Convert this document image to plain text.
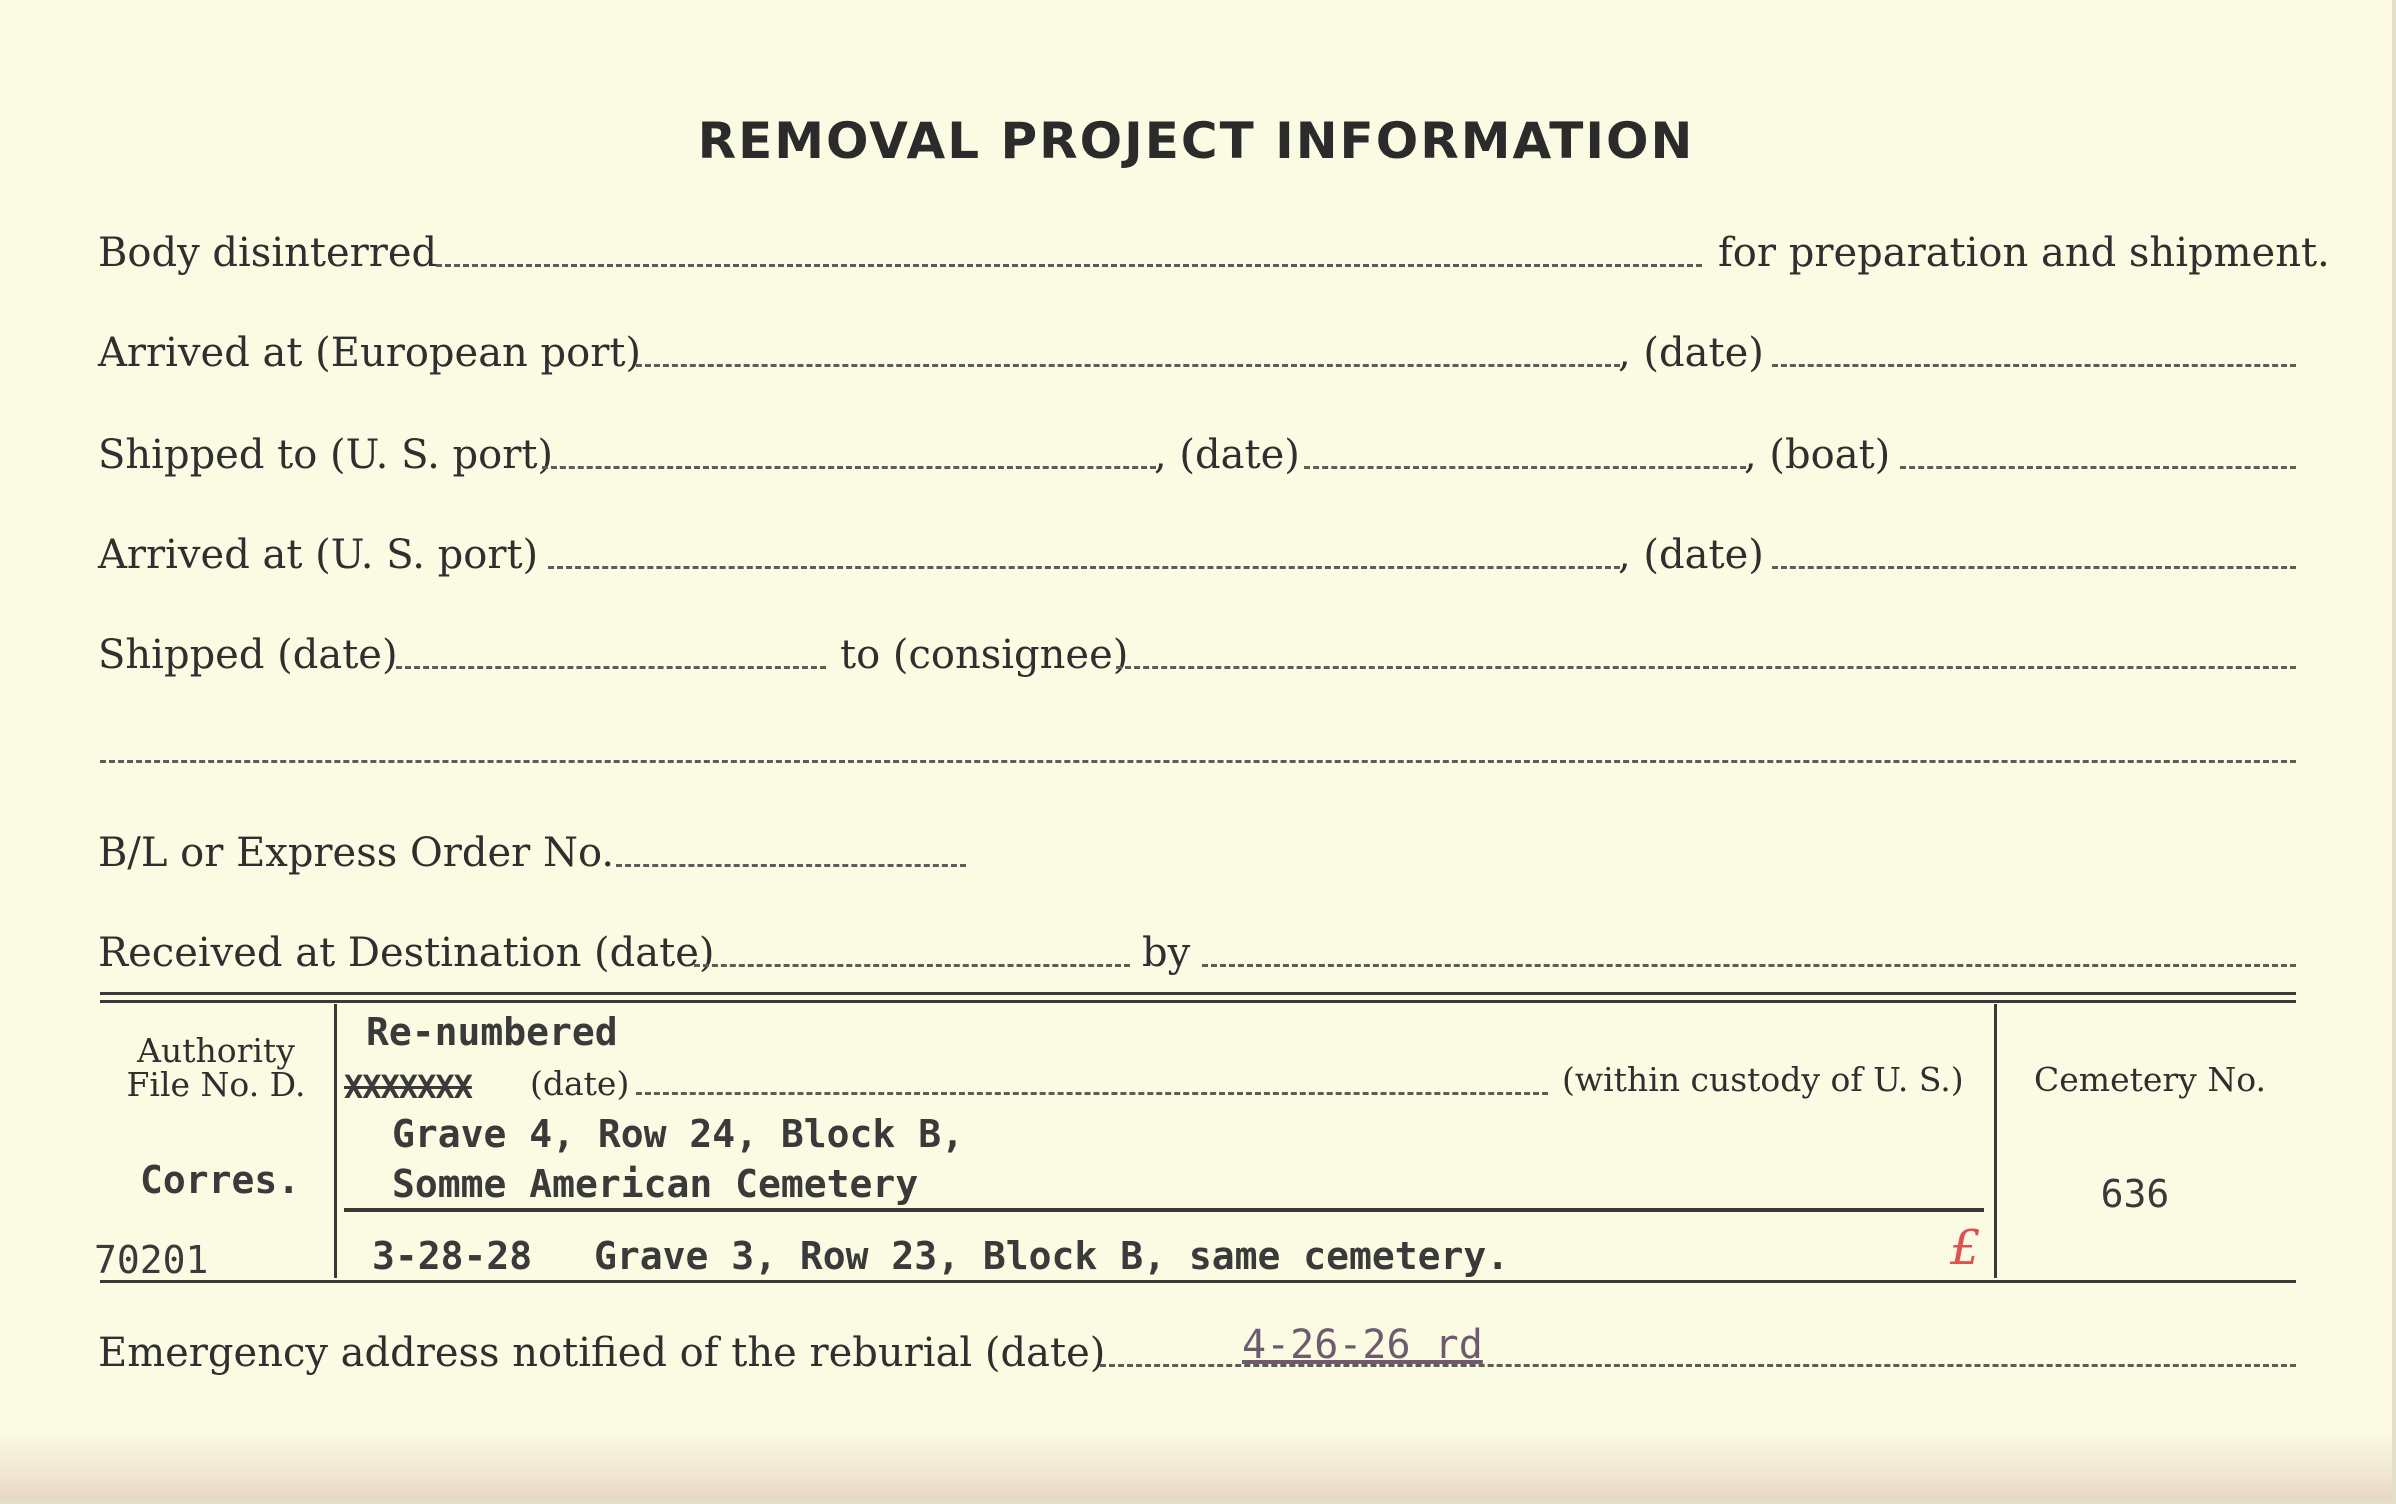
REMOVAL PROJECT INFORMATION
Body disinterred	for preparation and shipment.
Arrived at (European port)	, (date)
Shipped to (U. S. port)	, (date)	, (boat)
Arrived at (U. S. port)	, (date)
Shipped (date)	to (consignee)
B/L or Express Order No.
Received at Destination (date)	by
Authority
File No. D.
Corres.
70201
Re-numbered
XXXXXXX (date)	(within custody of U. S.)
Grave 4, Row 24, Block B,
Somme American Cemetery
3-28-28 Grave 3, Row 23, Block B, same cemetery.	£
Cemetery No.
636
Emergency address notified of the reburial (date)	4-26-26 rd
